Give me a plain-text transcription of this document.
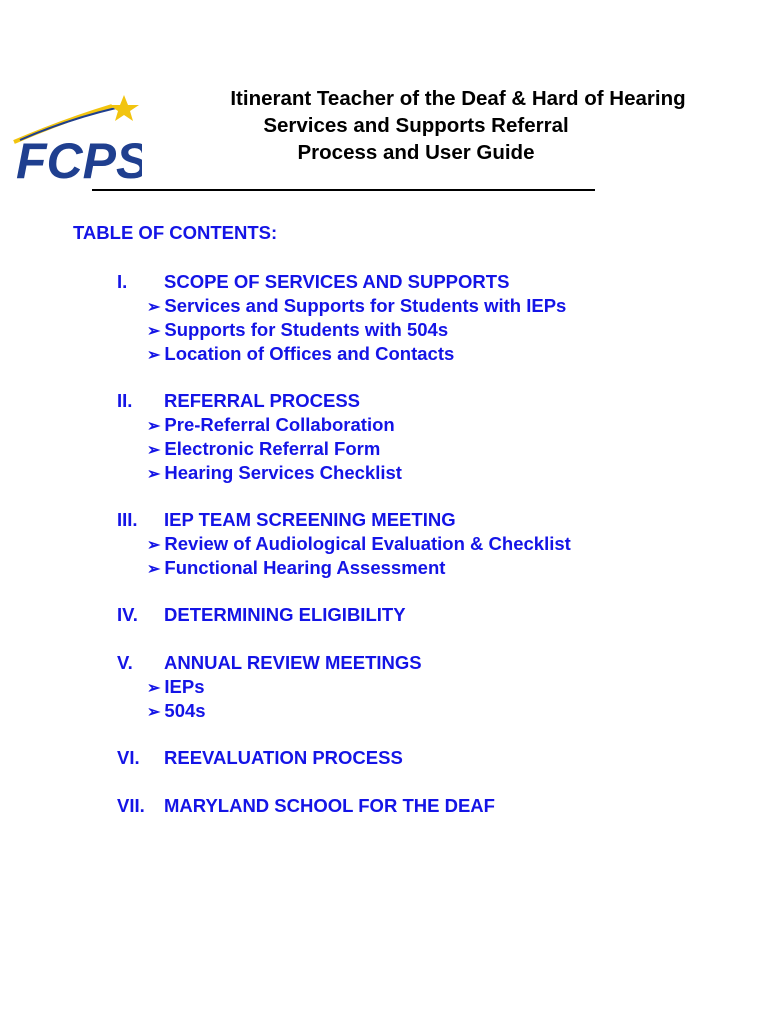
FCPS
Itinerant Teacher of the Deaf & Hard of Hearing
Services and Supports Referral
Process and User Guide
TABLE OF CONTENTS:
I. SCOPE OF SERVICES AND SUPPORTS
➢ Services and Supports for Students with IEPs
➢ Supports for Students with 504s
➢ Location of Offices and Contacts
II. REFERRAL PROCESS
➢ Pre-Referral Collaboration
➢ Electronic Referral Form
➢ Hearing Services Checklist
III. IEP TEAM SCREENING MEETING
➢ Review of Audiological Evaluation & Checklist
➢ Functional Hearing Assessment
IV. DETERMINING ELIGIBILITY
V. ANNUAL REVIEW MEETINGS
➢ IEPs
➢ 504s
VI. REEVALUATION PROCESS
VII. MARYLAND SCHOOL FOR THE DEAF
